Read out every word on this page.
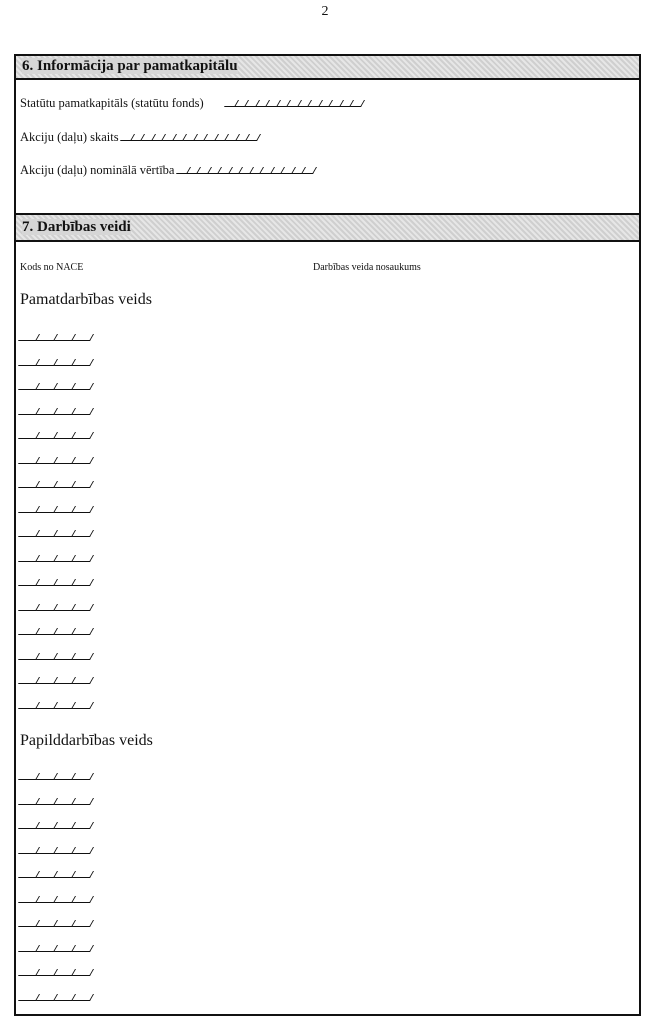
2
6. Informācija par pamatkapitālu
Statūtu pamatkapitāls (statūtu fonds)
Akciju (daļu) skaits
Akciju (daļu) nominālā vērtība
7. Darbības veidi
Kods no NACE	Darbības veida nosaukums
Pamatdarbības veids
Papilddarbības veids
